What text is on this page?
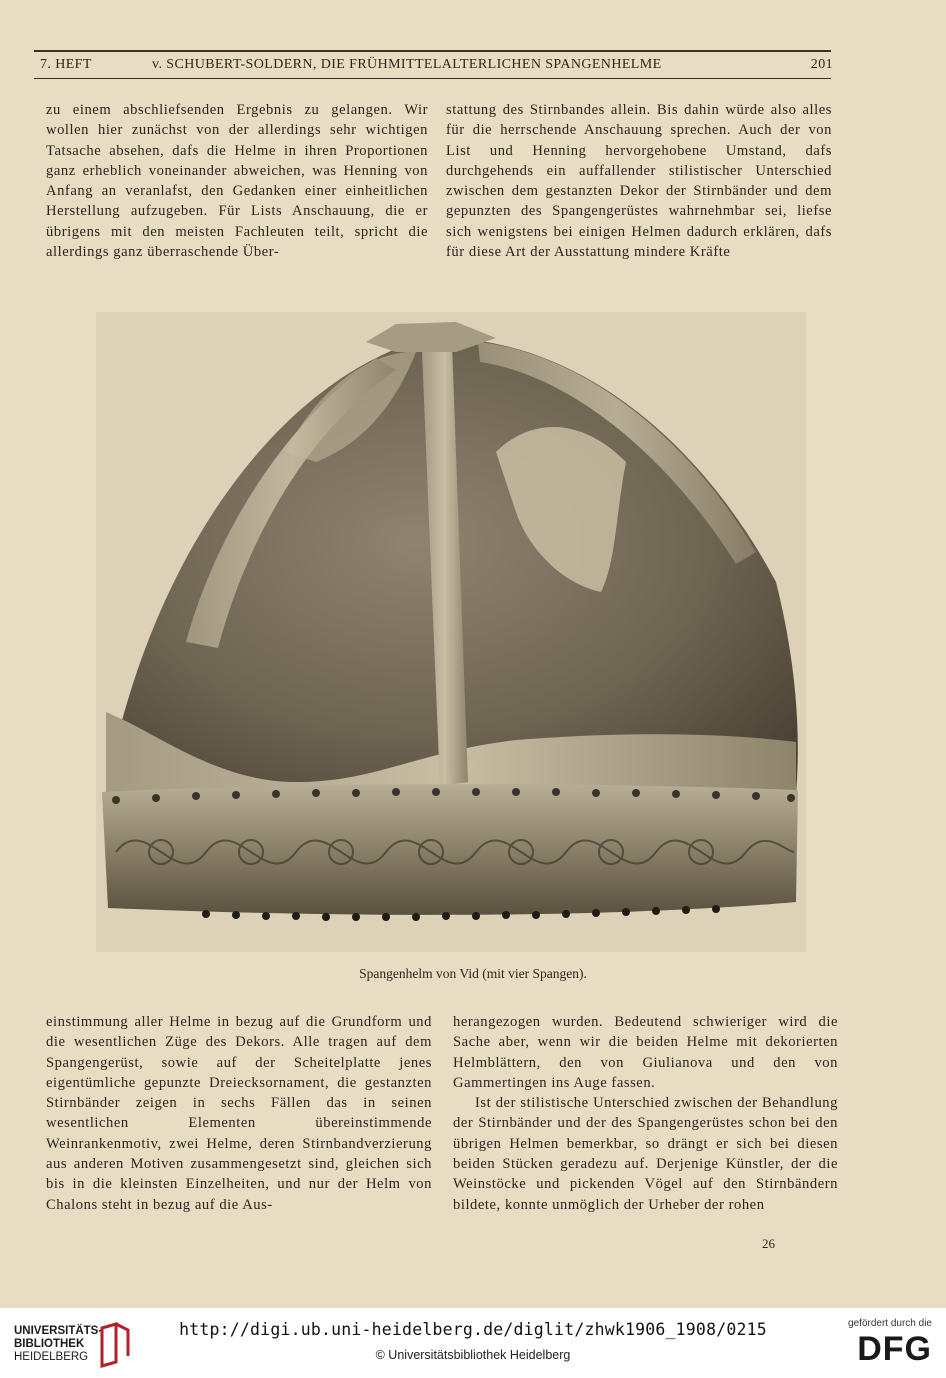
7. HEFT	v. SCHUBERT-SOLDERN, DIE FRÜHMITTELALTERLICHEN SPANGENHELME	201

zu einem abschliefsenden Ergebnis zu gelangen. Wir wollen hier zunächst von der allerdings sehr wichtigen Tatsache absehen, dafs die Helme in ihren Proportionen ganz erheblich voneinander abweichen, was Henning von Anfang an veranlafst, den Gedanken einer einheitlichen Herstellung aufzugeben. Für Lists Anschauung, die er übrigens mit den meisten Fachleuten teilt, spricht die allerdings ganz überraschende Über-

stattung des Stirnbandes allein. Bis dahin würde also alles für die herrschende Anschauung sprechen. Auch der von List und Henning hervorgehobene Umstand, dafs durchgehends ein auffallender stilistischer Unterschied zwischen dem gestanzten Dekor der Stirnbänder und dem gepunzten des Spangengerüstes wahrnehmbar sei, liefse sich wenigstens bei einigen Helmen dadurch erklären, dafs für diese Art der Ausstattung mindere Kräfte

Spangenhelm von Vid (mit vier Spangen).

einstimmung aller Helme in bezug auf die Grundform und die wesentlichen Züge des Dekors. Alle tragen auf dem Spangengerüst, sowie auf der Scheitelplatte jenes eigentümliche gepunzte Dreiecksornament, die gestanzten Stirnbänder zeigen in sechs Fällen das in seinen wesentlichen Elementen übereinstimmende Weinrankenmotiv, zwei Helme, deren Stirnbandverzierung aus anderen Motiven zusammengesetzt sind, gleichen sich bis in die kleinsten Einzelheiten, und nur der Helm von Chalons steht in bezug auf die Aus-

herangezogen wurden. Bedeutend schwieriger wird die Sache aber, wenn wir die beiden Helme mit dekorierten Helmblättern, den von Giulianova und den von Gammertingen ins Auge fassen.

Ist der stilistische Unterschied zwischen der Behandlung der Stirnbänder und der des Spangengerüstes schon bei den übrigen Helmen bemerkbar, so drängt er sich bei diesen beiden Stücken geradezu auf. Derjenige Künstler, der die Weinstöcke und pickenden Vögel auf den Stirnbändern bildete, konnte unmöglich der Urheber der rohen

26
UNIVERSITÄTS-
BIBLIOTHEK
HEIDELBERG
http://digi.ub.uni-heidelberg.de/diglit/zhwk1906_1908/0215
© Universitätsbibliothek Heidelberg
gefördert durch die
DFG
